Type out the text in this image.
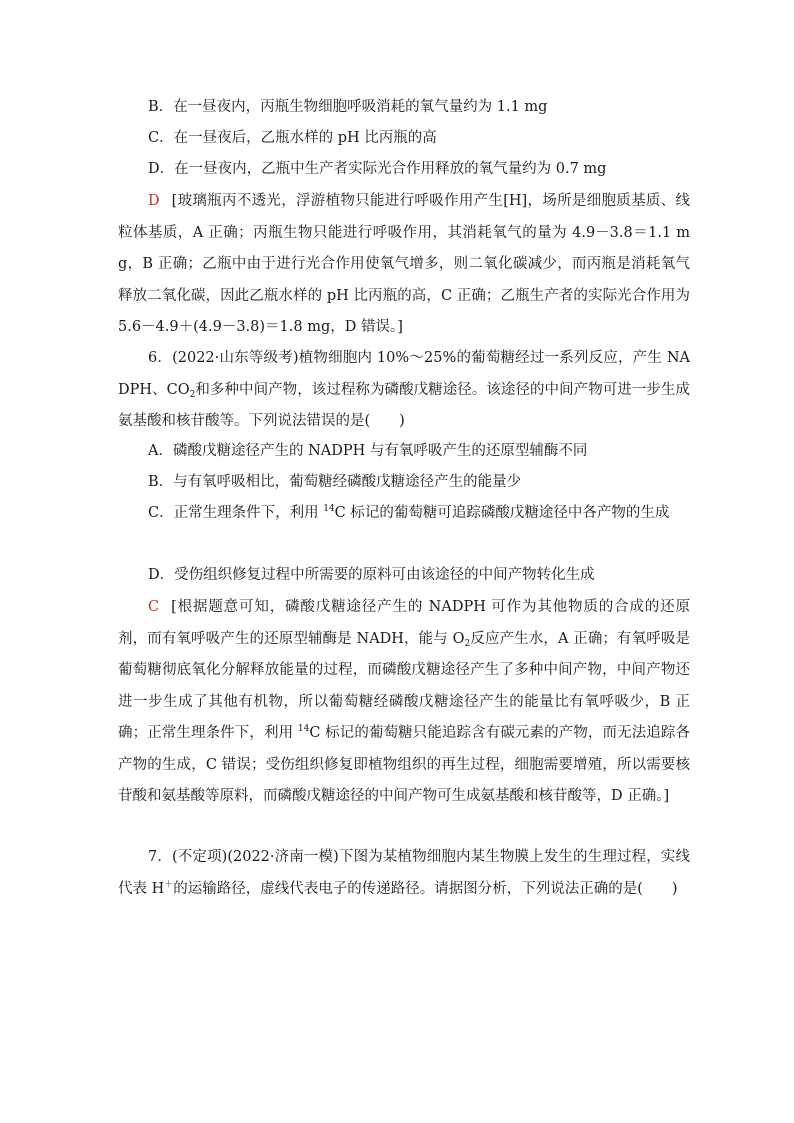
B．在一昼夜内，丙瓶生物细胞呼吸消耗的氧气量约为 1.1 mg

C．在一昼夜后，乙瓶水样的 pH 比丙瓶的高

D．在一昼夜内，乙瓶中生产者实际光合作用释放的氧气量约为 0.7 mg

D [玻璃瓶丙不透光，浮游植物只能进行呼吸作用产生[H]，场所是细胞质基质、线粒体基质，A 正确；丙瓶生物只能进行呼吸作用，其消耗氧气的量为 4.9－3.8＝1.1 mg，B 正确；乙瓶中由于进行光合作用使氧气增多，则二氧化碳减少，而丙瓶是消耗氧气释放二氧化碳，因此乙瓶水样的 pH 比丙瓶的高，C 正确；乙瓶生产者的实际光合作用为 5.6－4.9＋(4.9－3.8)＝1.8 mg，D 错误。]

6．(2022·山东等级考)植物细胞内 10%～25%的葡萄糖经过一系列反应，产生 NADPH、$CO_2$和多种中间产物，该过程称为磷酸戊糖途径。该途径的中间产物可进一步生成氨基酸和核苷酸等。下列说法错误的是(　　)

A．磷酸戊糖途径产生的 NADPH 与有氧呼吸产生的还原型辅酶不同

B．与有氧呼吸相比，葡萄糖经磷酸戊糖途径产生的能量少

C．正常生理条件下，利用 $^{14}$C 标记的葡萄糖可追踪磷酸戊糖途径中各产物的生成

D．受伤组织修复过程中所需要的原料可由该途径的中间产物转化生成

C [根据题意可知，磷酸戊糖途径产生的 NADPH 可作为其他物质的合成的还原剂，而有氧呼吸产生的还原型辅酶是 NADH，能与 $O_2$反应产生水，A 正确；有氧呼吸是葡萄糖彻底氧化分解释放能量的过程，而磷酸戊糖途径产生了多种中间产物，中间产物还进一步生成了其他有机物，所以葡萄糖经磷酸戊糖途径产生的能量比有氧呼吸少，B 正确；正常生理条件下，利用 $^{14}$C 标记的葡萄糖只能追踪含有碳元素的产物，而无法追踪各产物的生成，C 错误；受伤组织修复即植物组织的再生过程，细胞需要增殖，所以需要核苷酸和氨基酸等原料，而磷酸戊糖途径的中间产物可生成氨基酸和核苷酸等，D 正确。]

7．(不定项)(2022·济南一模)下图为某植物细胞内某生物膜上发生的生理过程，实线代表 H＋的运输路径，虚线代表电子的传递路径。请据图分析，下列说法正确的是(　　)
